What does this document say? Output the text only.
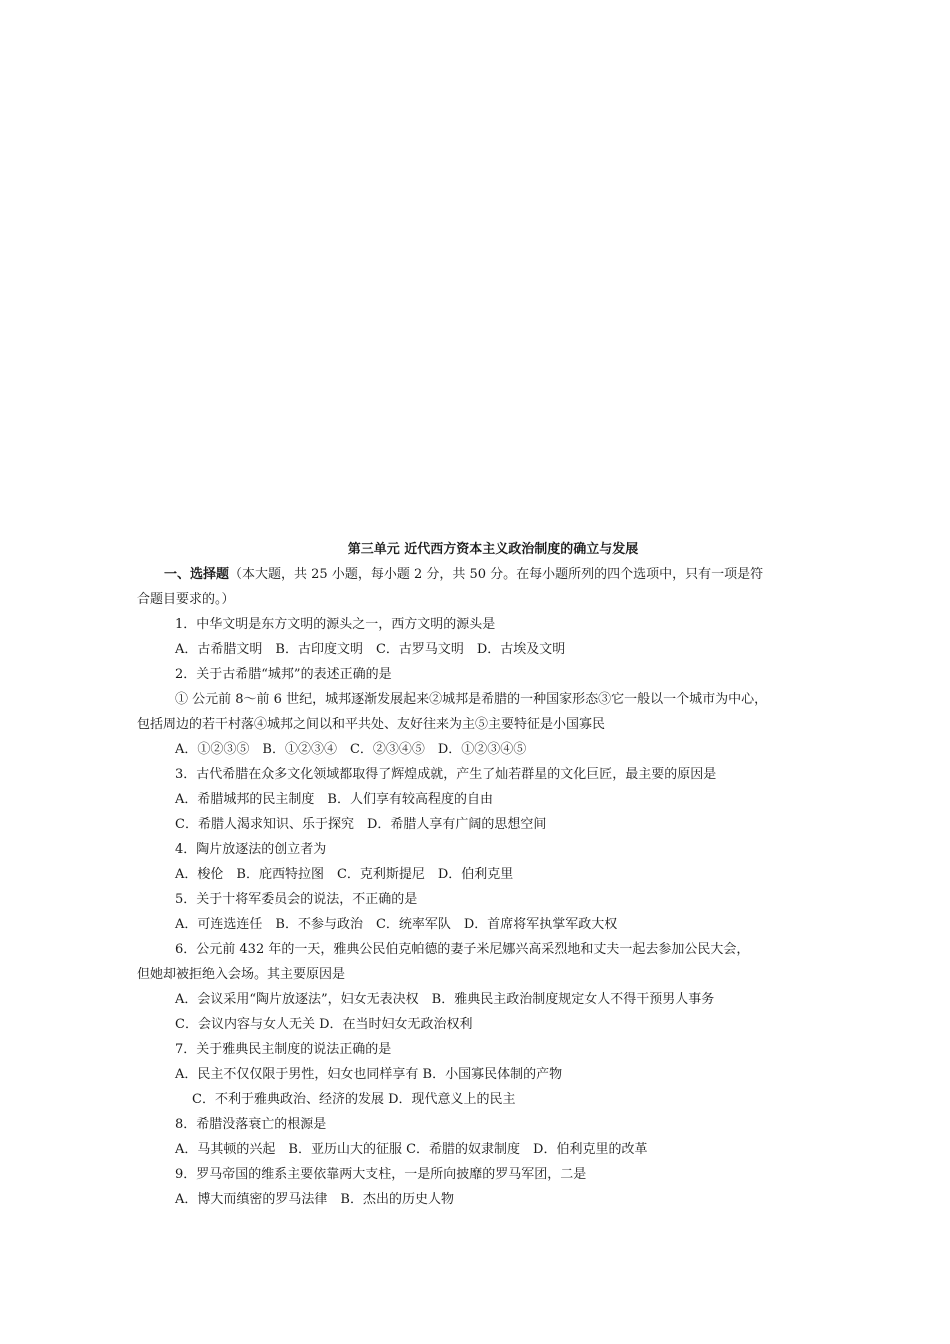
第三单元 近代西方资本主义政治制度的确立与发展
一、选择题（本大题，共 25 小题，每小题 2 分，共 50 分。在每小题所列的四个选项中，只有一项是符
合题目要求的。）
1．中华文明是东方文明的源头之一，西方文明的源头是
A．古希腊文明　B．古印度文明　C．古罗马文明　D．古埃及文明
2．关于古希腊“城邦”的表述正确的是
① 公元前 8～前 6 世纪，城邦逐渐发展起来②城邦是希腊的一种国家形态③它一般以一个城市为中心，
包括周边的若干村落④城邦之间以和平共处、友好往来为主⑤主要特征是小国寡民
A．①②③⑤　B．①②③④　C．②③④⑤　D．①②③④⑤
3．古代希腊在众多文化领域都取得了辉煌成就，产生了灿若群星的文化巨匠，最主要的原因是
A．希腊城邦的民主制度　B．人们享有较高程度的自由
C．希腊人渴求知识、乐于探究　D．希腊人享有广阔的思想空间
4．陶片放逐法的创立者为
A．梭伦　B．庇西特拉图　C．克利斯提尼　D．伯利克里
5．关于十将军委员会的说法，不正确的是
A．可连选连任　B．不参与政治　C．统率军队　D．首席将军执掌军政大权
6．公元前 432 年的一天，雅典公民伯克帕德的妻子米尼娜兴高采烈地和丈夫一起去参加公民大会，
但她却被拒绝入会场。其主要原因是
A．会议采用“陶片放逐法”，妇女无表决权　B．雅典民主政治制度规定女人不得干预男人事务
C．会议内容与女人无关 D．在当时妇女无政治权利
7．关于雅典民主制度的说法正确的是
A．民主不仅仅限于男性，妇女也同样享有 B．小国寡民体制的产物
C．不利于雅典政治、经济的发展 D．现代意义上的民主
8．希腊没落衰亡的根源是
A．马其顿的兴起　B．亚历山大的征服 C．希腊的奴隶制度　D．伯利克里的改革
9．罗马帝国的维系主要依靠两大支柱，一是所向披靡的罗马军团，二是
A．博大而缜密的罗马法律　B．杰出的历史人物
